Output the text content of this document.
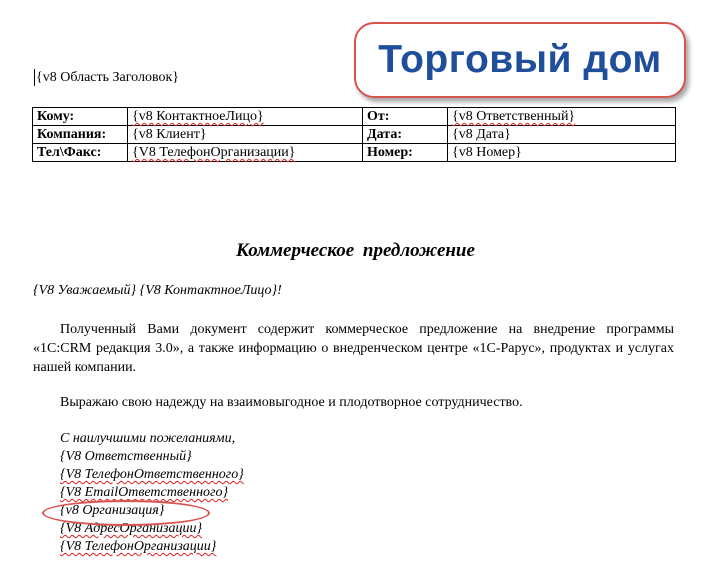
{v8 Область Заголовок}	Торговый дом
Кому:	{v8 КонтактноеЛицо}	От:	{v8 Ответственный}
Компания:	{v8 Клиент}	Дата:	{v8 Дата}
Тел\Факс:	{V8 ТелефонОрганизации}	Номер:	{v8 Номер}
Коммерческое предложение
{V8 Уважаемый} {V8 КонтактноеЛицо}!
Полученный Вами документ содержит коммерческое предложение на внедрение программы «1С:CRM редакция 3.0», а также информацию о внедренческом центре «1С-Рарус», продуктах и услугах нашей компании.
Выражаю свою надежду на взаимовыгодное и плодотворное сотрудничество.
С наилучшими пожеланиями,
{V8 Ответственный}
{V8 ТелефонОтветственного}
{V8 EmailОтветственного}
{v8 Организация}
{V8 АдресОрганизации}
{V8 ТелефонОрганизации}
